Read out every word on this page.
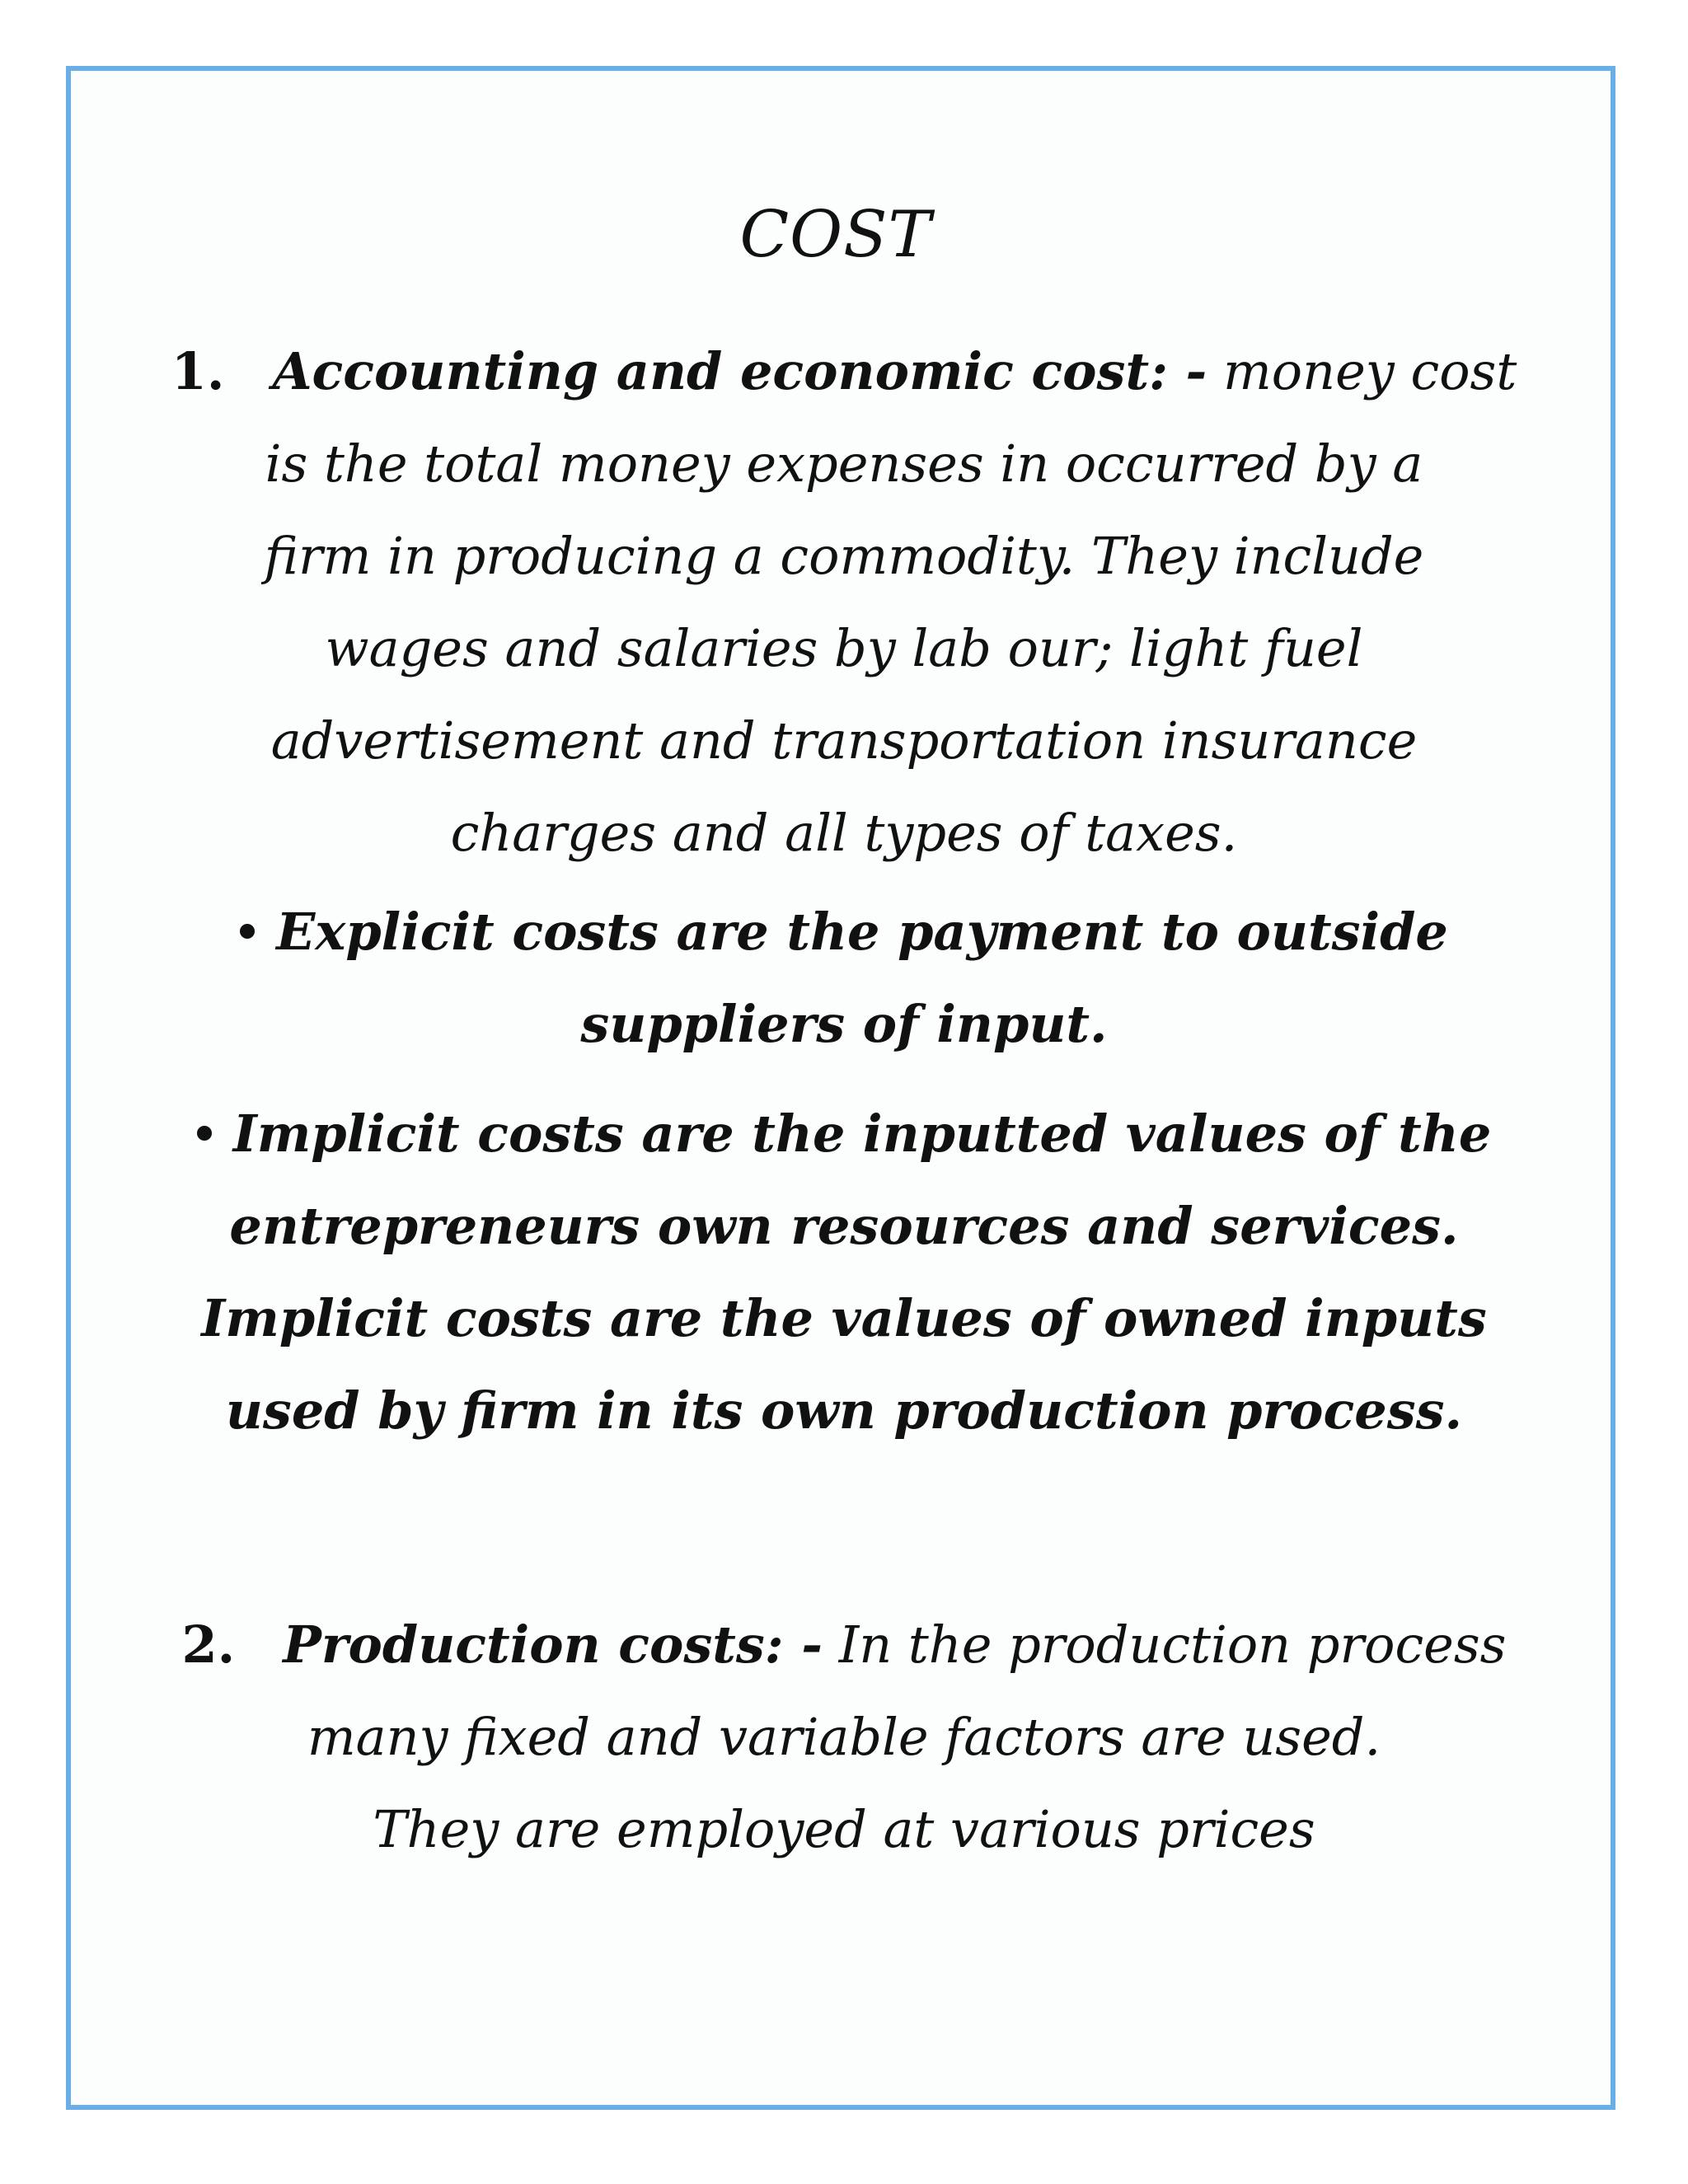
COST
1. Accounting and economic cost: - money cost
is the total money expenses in occurred by a
firm in producing a commodity. They include
wages and salaries by lab our; light fuel
advertisement and transportation insurance
charges and all types of taxes.
Explicit costs are the payment to outside
suppliers of input.
Implicit costs are the inputted values of the
entrepreneurs own resources and services.
Implicit costs are the values of owned inputs
used by firm in its own production process.
2. Production costs: - In the production process
many fixed and variable factors are used.
They are employed at various prices
